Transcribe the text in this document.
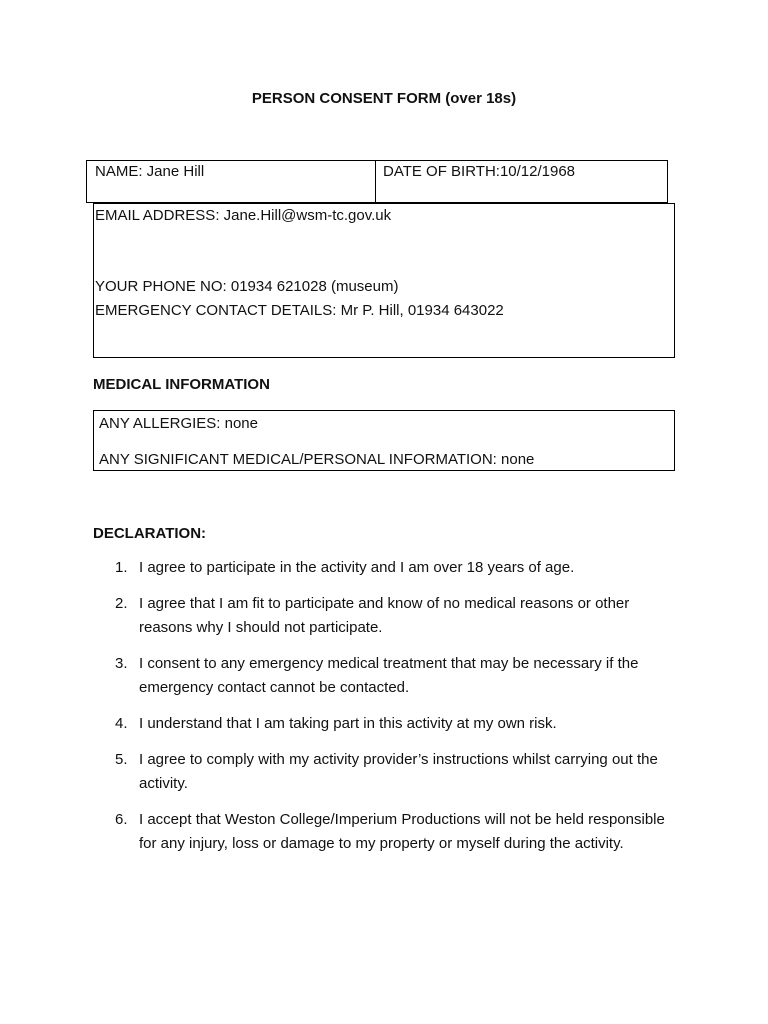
PERSON CONSENT FORM (over 18s)
NAME: Jane Hill	DATE OF BIRTH:10/12/1968
EMAIL ADDRESS: Jane.Hill@wsm-tc.gov.uk
YOUR PHONE NO: 01934 621028 (museum)
EMERGENCY CONTACT DETAILS: Mr P. Hill, 01934 643022
MEDICAL INFORMATION
ANY ALLERGIES: none
ANY SIGNIFICANT MEDICAL/PERSONAL INFORMATION: none
DECLARATION:
1. I agree to participate in the activity and I am over 18 years of age.
2. I agree that I am fit to participate and know of no medical reasons or other reasons why I should not participate.
3. I consent to any emergency medical treatment that may be necessary if the emergency contact cannot be contacted.
4. I understand that I am taking part in this activity at my own risk.
5. I agree to comply with my activity provider’s instructions whilst carrying out the activity.
6. I accept that Weston College/Imperium Productions will not be held responsible for any injury, loss or damage to my property or myself during the activity.
